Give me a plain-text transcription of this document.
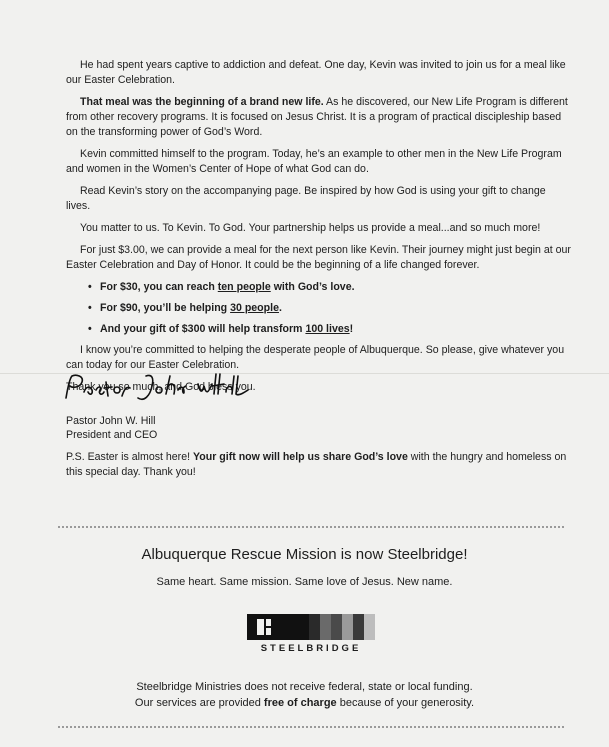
He had spent years captive to addiction and defeat. One day, Kevin was invited to join us for a meal like our Easter Celebration.

That meal was the beginning of a brand new life. As he discovered, our New Life Program is different from other recovery programs. It is focused on Jesus Christ. It is a program of practical discipleship based on the transforming power of God’s Word.

Kevin committed himself to the program. Today, he’s an example to other men in the New Life Program and women in the Women’s Center of Hope of what God can do.

Read Kevin’s story on the accompanying page. Be inspired by how God is using your gift to change lives.

You matter to us. To Kevin. To God. Your partnership helps us provide a meal...and so much more!

For just $3.00, we can provide a meal for the next person like Kevin. Their journey might just begin at our Easter Celebration and Day of Honor. It could be the beginning of a life changed forever.

• For $30, you can reach ten people with God’s love.
• For $90, you’ll be helping 30 people.
• And your gift of $300 will help transform 100 lives!

I know you’re committed to helping the desperate people of Albuquerque. So please, give whatever you can today for our Easter Celebration.

Thank you so much, and God bless you.

Pastor John W. Hill
President and CEO
P.S. Easter is almost here! Your gift now will help us share God’s love with the hungry and homeless on this special day. Thank you!
Albuquerque Rescue Mission is now Steelbridge!
Same heart. Same mission. Same love of Jesus. New name.
STEELBRIDGE
Steelbridge Ministries does not receive federal, state or local funding.
Our services are provided free of charge because of your generosity.
